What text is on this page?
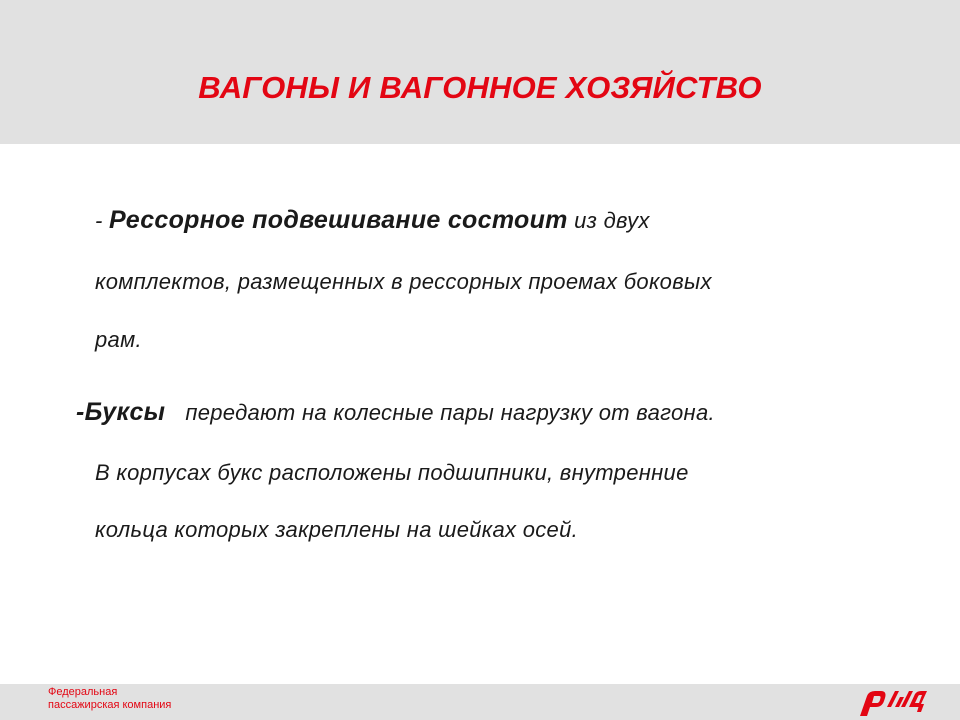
ВАГОНЫ И ВАГОННОЕ ХОЗЯЙСТВО
- Рессорное подвешивание состоит из двух
комплектов, размещенных в рессорных проемах боковых
рам.
-Буксы передают на колесные пары нагрузку от вагона.
В корпусах букс расположены подшипники, внутренние
кольца которых закреплены на шейках осей.
Федеральная
пассажирская компания
